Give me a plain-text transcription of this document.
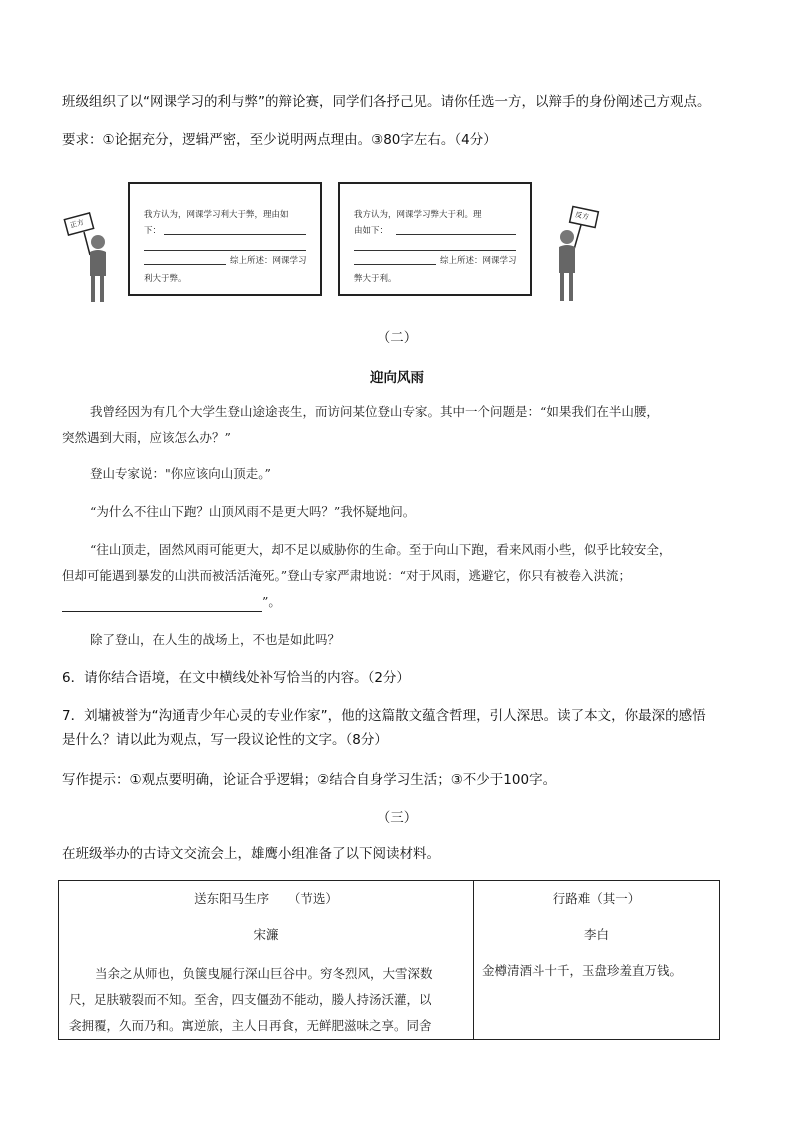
班级组织了以“网课学习的利与弊”的辩论赛，同学们各抒己见。请你任选一方，以辩手的身份阐述己方观点。
要求：①论据充分，逻辑严密，至少说明两点理由。③80字左右。（4分）
正方
我方认为，网课学习利大于弊，理由如
下：
综上所述：网课学习
利大于弊。
我方认为，网课学习弊大于利。理
由如下：
综上所述：网课学习
弊大于利。
反方
（二）
迎向风雨
我曾经因为有几个大学生登山途途丧生，而访问某位登山专家。其中一个问题是：“如果我们在半山腰，
突然遇到大雨，应该怎么办？”
登山专家说："你应该向山顶走。”
“为什么不往山下跑？山顶风雨不是更大吗？”我怀疑地问。
“往山顶走，固然风雨可能更大，却不足以威胁你的生命。至于向山下跑，看来风雨小些，似乎比较安全，
但却可能遇到暴发的山洪而被活活淹死。”登山专家严肃地说：“对于风雨，逃避它，你只有被卷入洪流；
”。
除了登山，在人生的战场上，不也是如此吗？
6．请你结合语境，在文中横线处补写恰当的内容。（2分）
7．刘墉被誉为“沟通青少年心灵的专业作家”，他的这篇散文蕴含哲理，引人深思。读了本文，你最深的感悟
是什么？请以此为观点，写一段议论性的文字。（8分）
写作提示：①观点要明确，论证合乎逻辑；②结合自身学习生活；③不少于100字。
（三）
在班级举办的古诗文交流会上，雄鹰小组准备了以下阅读材料。
送东阳马生序　　（节选）
宋濂
当余之从师也，负箧曳屣行深山巨谷中。穷冬烈风，大雪深数
尺，足肤皲裂而不知。至舍，四支僵劲不能动，媵人持汤沃灌，以
衾拥覆，久而乃和。寓逆旅，主人日再食，无鲜肥滋味之享。同舍

行路难（其一）
李白
金樽清酒斗十千，玉盘珍羞直万钱。
